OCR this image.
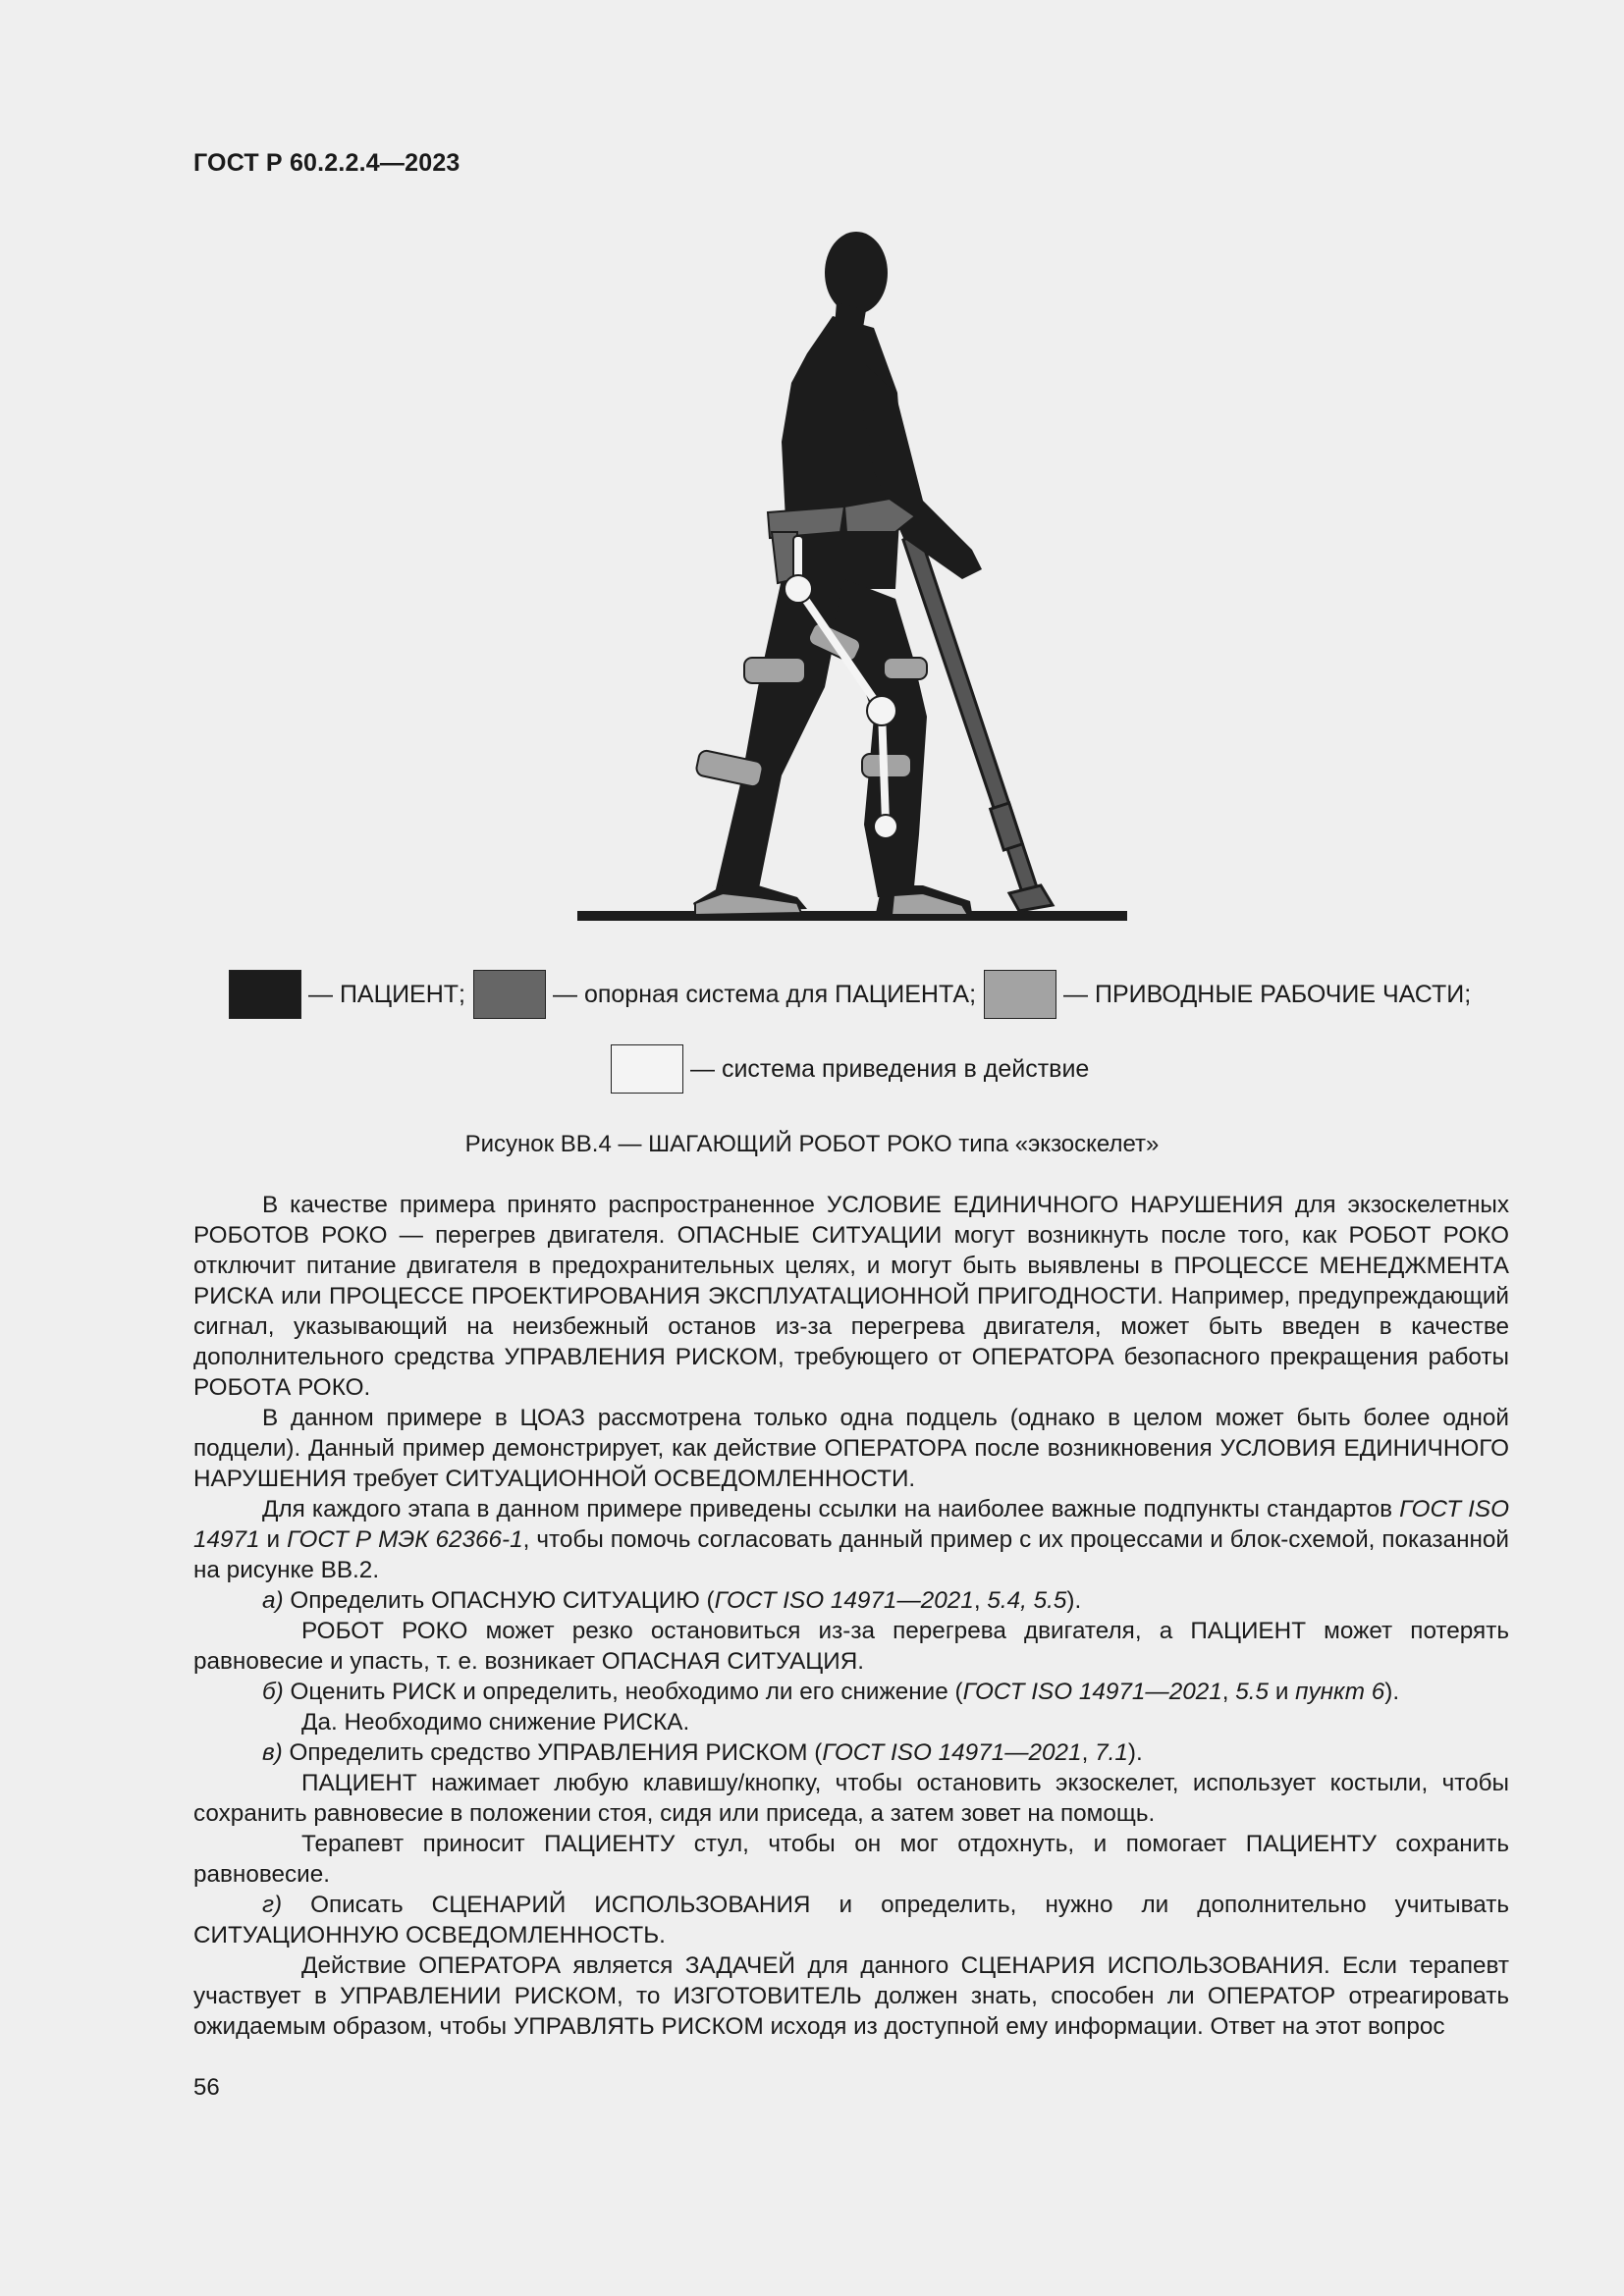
ГОСТ Р 60.2.2.4—2023
— ПАЦИЕНТ;	— опорная система для ПАЦИЕНТА;	— ПРИВОДНЫЕ РАБОЧИЕ ЧАСТИ;
— система приведения в действие
Рисунок ВВ.4 — ШАГАЮЩИЙ РОБОТ РОКО типа «экзоскелет»

В качестве примера принято распространенное УСЛОВИЕ ЕДИНИЧНОГО НАРУШЕНИЯ для экзоскелетных РОБОТОВ РОКО — перегрев двигателя. ОПАСНЫЕ СИТУАЦИИ могут возникнуть после того, как РОБОТ РОКО отключит питание двигателя в предохранительных целях, и могут быть выявлены в ПРОЦЕССЕ МЕНЕДЖМЕНТА РИСКА или ПРОЦЕССЕ ПРОЕКТИРОВАНИЯ ЭКСПЛУАТАЦИОННОЙ ПРИГОДНОСТИ. Например, предупреждающий сигнал, указывающий на неизбежный останов из-за перегрева двигателя, может быть введен в качестве дополнительного средства УПРАВЛЕНИЯ РИСКОМ, требующего от ОПЕРАТОРА безопасного прекращения работы РОБОТА РОКО.

В данном примере в ЦОАЗ рассмотрена только одна подцель (однако в целом может быть более одной подцели). Данный пример демонстрирует, как действие ОПЕРАТОРА после возникновения УСЛОВИЯ ЕДИНИЧНОГО НАРУШЕНИЯ требует СИТУАЦИОННОЙ ОСВЕДОМЛЕННОСТИ.

Для каждого этапа в данном примере приведены ссылки на наиболее важные подпункты стандартов ГОСТ ISO 14971 и ГОСТ Р МЭК 62366-1, чтобы помочь согласовать данный пример с их процессами и блок-схемой, показанной на рисунке ВВ.2.

а) Определить ОПАСНУЮ СИТУАЦИЮ (ГОСТ ISO 14971—2021, 5.4, 5.5).

РОБОТ РОКО может резко остановиться из-за перегрева двигателя, а ПАЦИЕНТ может потерять равновесие и упасть, т. е. возникает ОПАСНАЯ СИТУАЦИЯ.

б) Оценить РИСК и определить, необходимо ли его снижение (ГОСТ ISO 14971—2021, 5.5 и пункт 6).

Да. Необходимо снижение РИСКА.

в) Определить средство УПРАВЛЕНИЯ РИСКОМ (ГОСТ ISO 14971—2021, 7.1).

ПАЦИЕНТ нажимает любую клавишу/кнопку, чтобы остановить экзоскелет, использует костыли, чтобы сохранить равновесие в положении стоя, сидя или приседа, а затем зовет на помощь.

Терапевт приносит ПАЦИЕНТУ стул, чтобы он мог отдохнуть, и помогает ПАЦИЕНТУ сохранить равновесие.

г) Описать СЦЕНАРИЙ ИСПОЛЬЗОВАНИЯ и определить, нужно ли дополнительно учитывать СИТУАЦИОННУЮ ОСВЕДОМЛЕННОСТЬ.

Действие ОПЕРАТОРА является ЗАДАЧЕЙ для данного СЦЕНАРИЯ ИСПОЛЬЗОВАНИЯ. Если терапевт участвует в УПРАВЛЕНИИ РИСКОМ, то ИЗГОТОВИТЕЛЬ должен знать, способен ли ОПЕРАТОР отреагировать ожидаемым образом, чтобы УПРАВЛЯТЬ РИСКОМ исходя из доступной ему информации. Ответ на этот вопрос

56
